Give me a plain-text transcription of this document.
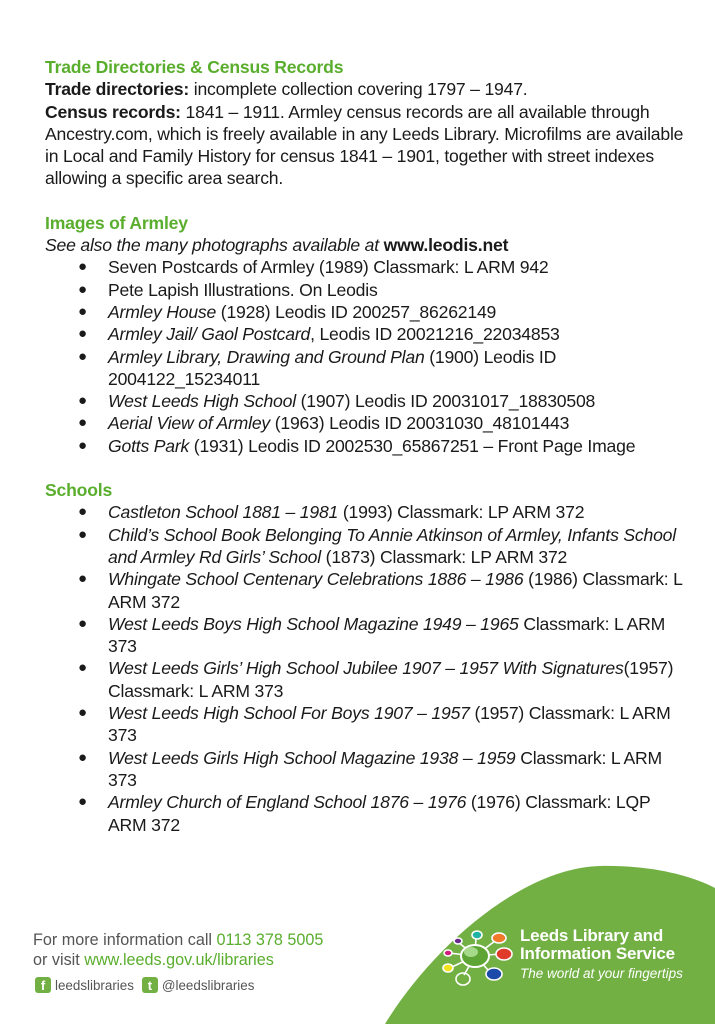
Trade Directories & Census Records

Trade directories: incomplete collection covering 1797 – 1947.

Census records: 1841 – 1911. Armley census records are all available through Ancestry.com, which is freely available in any Leeds Library. Microfilms are available in Local and Family History for census 1841 – 1901, together with street indexes allowing a specific area search.

Images of Armley

See also the many photographs available at www.leodis.net

● Seven Postcards of Armley (1989) Classmark: L ARM 942
● Pete Lapish Illustrations. On Leodis
● Armley House (1928) Leodis ID 200257_86262149
● Armley Jail/ Gaol Postcard, Leodis ID 20021216_22034853
● Armley Library, Drawing and Ground Plan (1900) Leodis ID 2004122_15234011
● West Leeds High School (1907) Leodis ID 20031017_18830508
● Aerial View of Armley (1963) Leodis ID 20031030_48101443
● Gotts Park (1931) Leodis ID 2002530_65867251 – Front Page Image

Schools

● Castleton School 1881 – 1981 (1993) Classmark: LP ARM 372
● Child’s School Book Belonging To Annie Atkinson of Armley, Infants School and Armley Rd Girls’ School (1873) Classmark: LP ARM 372
● Whingate School Centenary Celebrations 1886 – 1986 (1986) Classmark: L ARM 372
● West Leeds Boys High School Magazine 1949 – 1965 Classmark: L ARM 373
● West Leeds Girls’ High School Jubilee 1907 – 1957 With Signatures(1957) Classmark: L ARM 373
● West Leeds High School For Boys 1907 – 1957 (1957) Classmark: L ARM 373
● West Leeds Girls High School Magazine 1938 – 1959 Classmark: L ARM 373
● Armley Church of England School 1876 – 1976 (1976) Classmark: LQP ARM 372
Leeds Library and
Information Service
The world at your fingertips
For more information call 0113 378 5005
or visit www.leeds.gov.uk/libraries
f leedslibraries	t @leedslibraries
